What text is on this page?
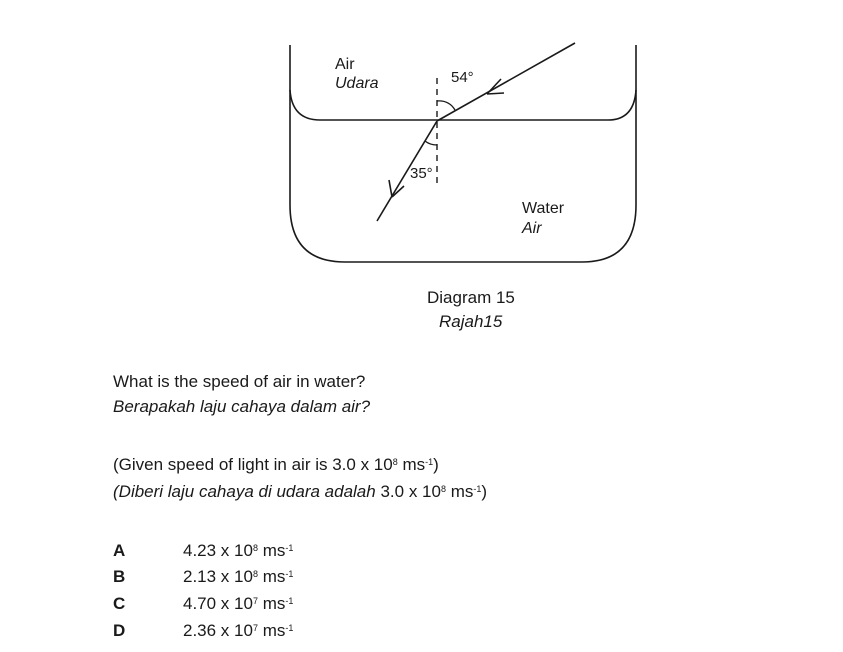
Air
Udara	54°
35°
Water
Air
Diagram 15
Rajah15
What is the speed of air in water?
Berapakah laju cahaya dalam air?
(Given speed of light in air is 3.0 x $10^8$ $ms^{-1}$)
(Diberi laju cahaya di udara adalah 3.0 x $10^8$ $ms^{-1}$)
A	4.23 x $10^8$ $ms^{-1}$
B	2.13 x $10^8$ $ms^{-1}$
C	4.70 x $10^7$ $ms^{-1}$
D	2.36 x $10^7$ $ms^{-1}$
